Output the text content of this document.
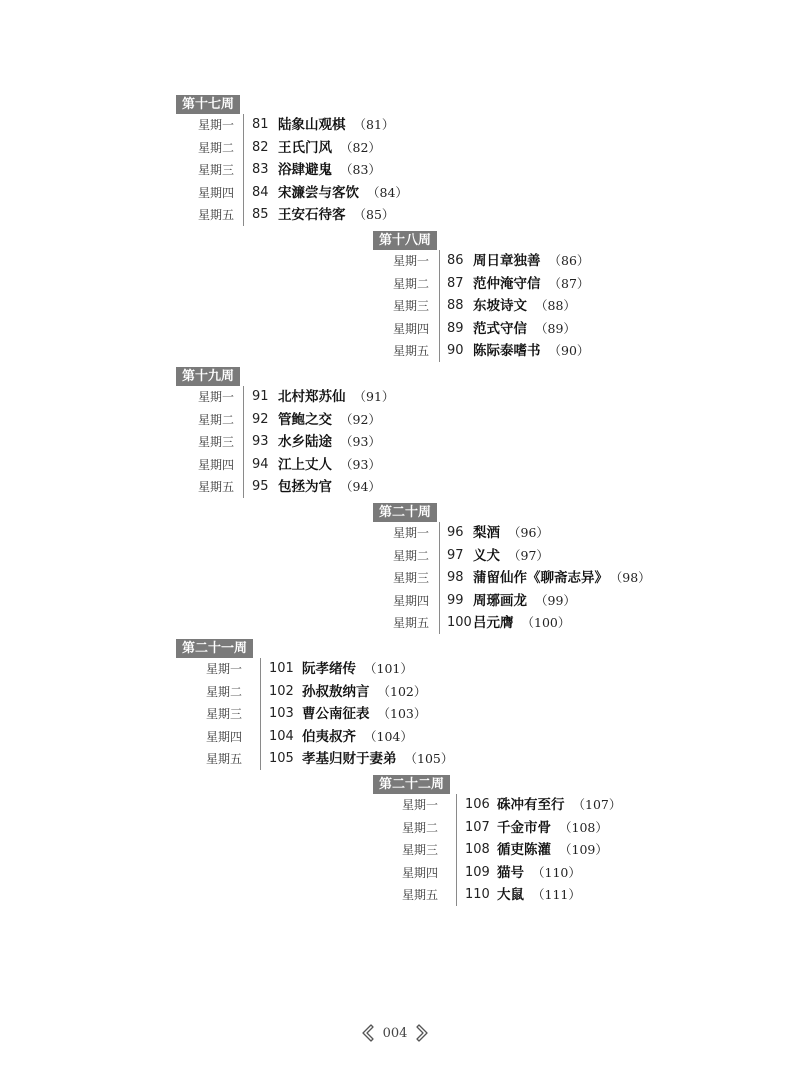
第十七周
星期一 81 陆象山观棋 （81）
星期二 82 王氏门风 （82）
星期三 83 浴肆避鬼 （83）
星期四 84 宋濂尝与客饮 （84）
星期五 85 王安石待客 （85）
第十八周
星期一 86 周日章独善 （86）
星期二 87 范仲淹守信 （87）
星期三 88 东坡诗文 （88）
星期四 89 范式守信 （89）
星期五 90 陈际泰嗜书 （90）
第十九周
星期一 91 北村郑苏仙 （91）
星期二 92 管鲍之交 （92）
星期三 93 水乡陆途 （93）
星期四 94 江上丈人 （93）
星期五 95 包拯为官 （94）
第二十周
星期一 96 梨酒 （96）
星期二 97 义犬 （97）
星期三 98 蒲留仙作《聊斋志异》 （98）
星期四 99 周琊画龙 （99）
星期五 100 吕元膺 （100）
第二十一周
星期一 101 阮孝绪传 （101）
星期二 102 孙叔敖纳言 （102）
星期三 103 曹公南征表 （103）
星期四 104 伯夷叔齐 （104）
星期五 105 孝基归财于妻弟 （105）
第二十二周
星期一 106 硃冲有至行 （107）
星期二 107 千金市骨 （108）
星期三 108 循吏陈灌 （109）
星期四 109 猫号 （110）
星期五 110 大鼠 （111）
004
